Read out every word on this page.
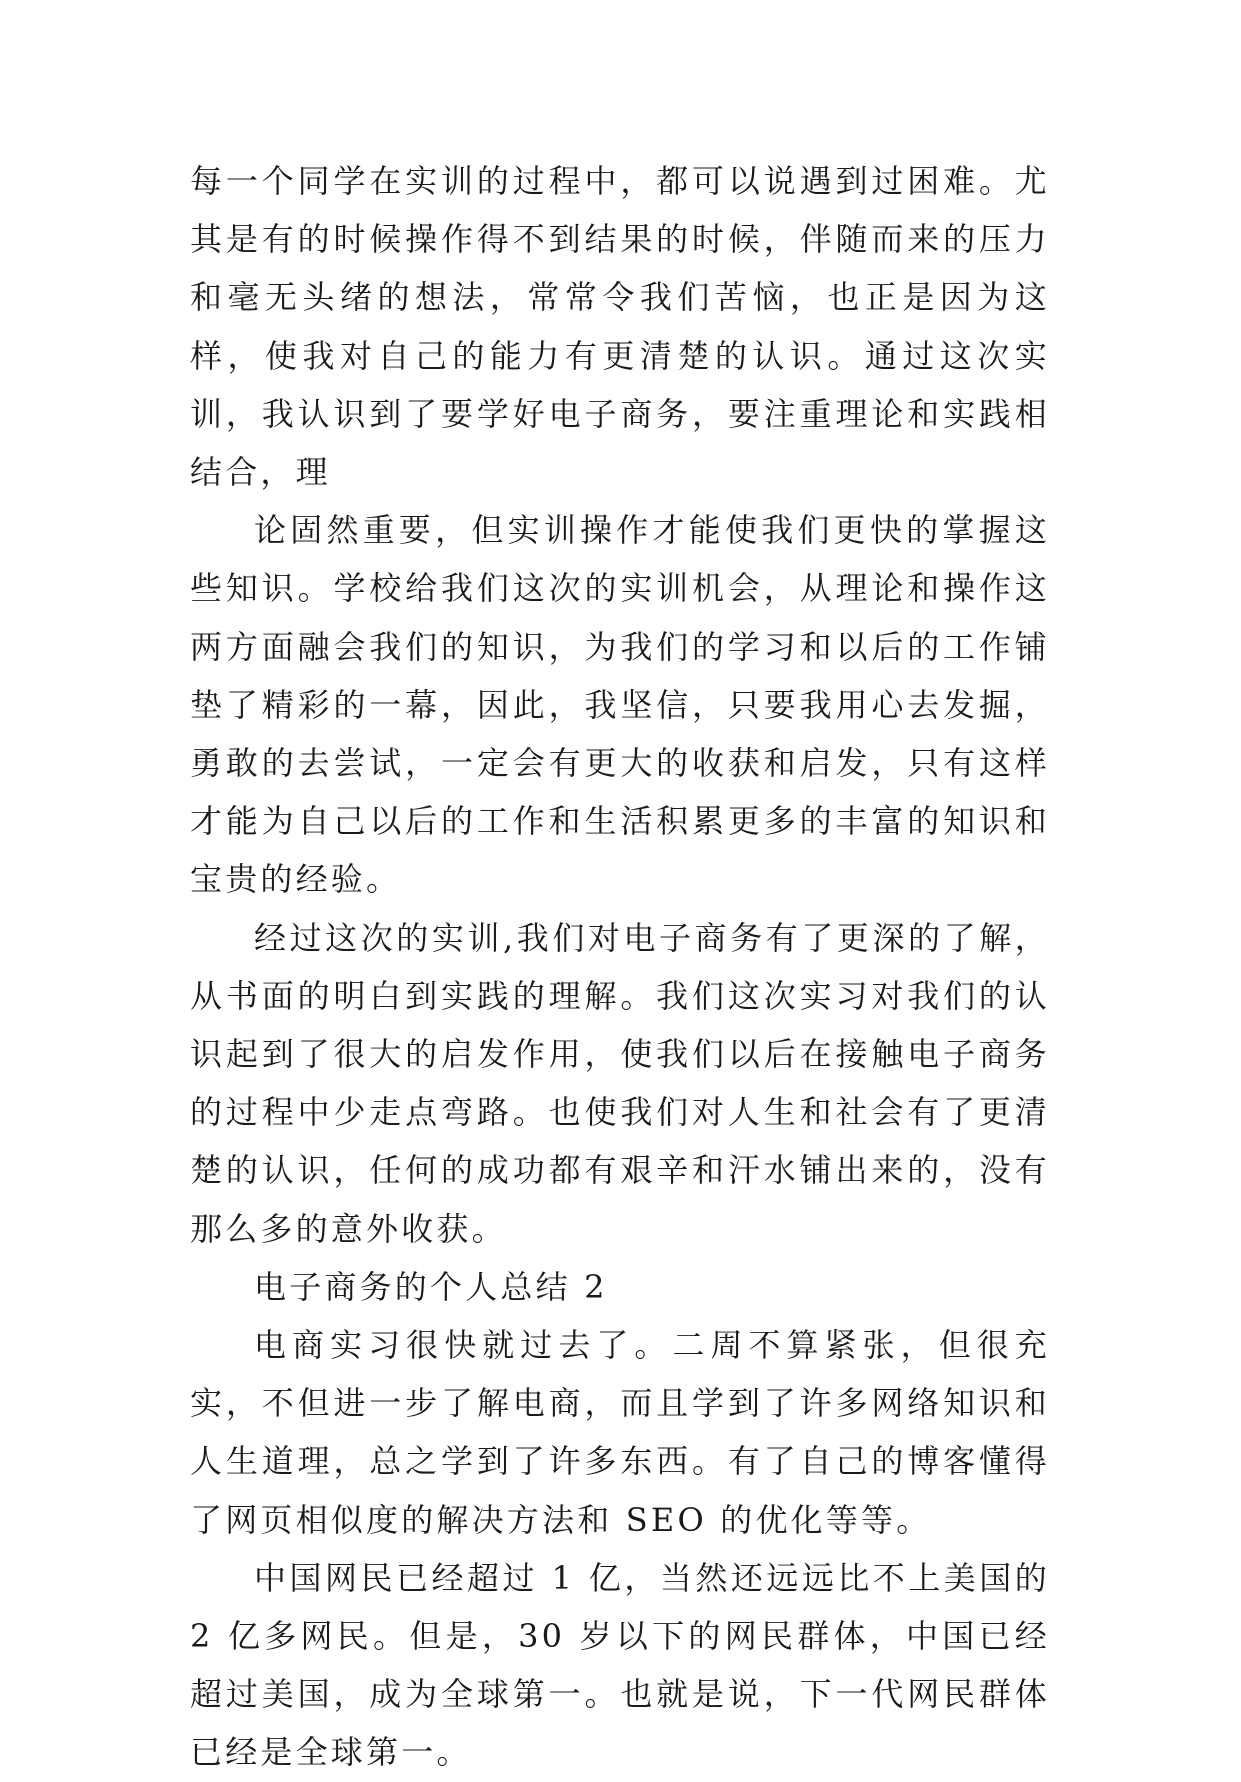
每一个同学在实训的过程中，都可以说遇到过困难。尤其是有的时候操作得不到结果的时候，伴随而来的压力和毫无头绪的想法，常常令我们苦恼，也正是因为这样，使我对自己的能力有更清楚的认识。通过这次实训，我认识到了要学好电子商务，要注重理论和实践相结合，理

论固然重要，但实训操作才能使我们更快的掌握这些知识。学校给我们这次的实训机会，从理论和操作这两方面融会我们的知识，为我们的学习和以后的工作铺垫了精彩的一幕，因此，我坚信，只要我用心去发掘，勇敢的去尝试，一定会有更大的收获和启发，只有这样才能为自己以后的工作和生活积累更多的丰富的知识和宝贵的经验。

经过这次的实训,我们对电子商务有了更深的了解，从书面的明白到实践的理解。我们这次实习对我们的认识起到了很大的启发作用，使我们以后在接触电子商务的过程中少走点弯路。也使我们对人生和社会有了更清楚的认识，任何的成功都有艰辛和汗水铺出来的，没有那么多的意外收获。

电子商务的个人总结 2

电商实习很快就过去了。二周不算紧张，但很充实，不但进一步了解电商，而且学到了许多网络知识和人生道理，总之学到了许多东西。有了自己的博客懂得了网页相似度的解决方法和 SEO 的优化等等。

中国网民已经超过 1 亿，当然还远远比不上美国的 2 亿多网民。但是，30 岁以下的网民群体，中国已经超过美国，成为全球第一。也就是说，下一代网民群体已经是全球第一。
